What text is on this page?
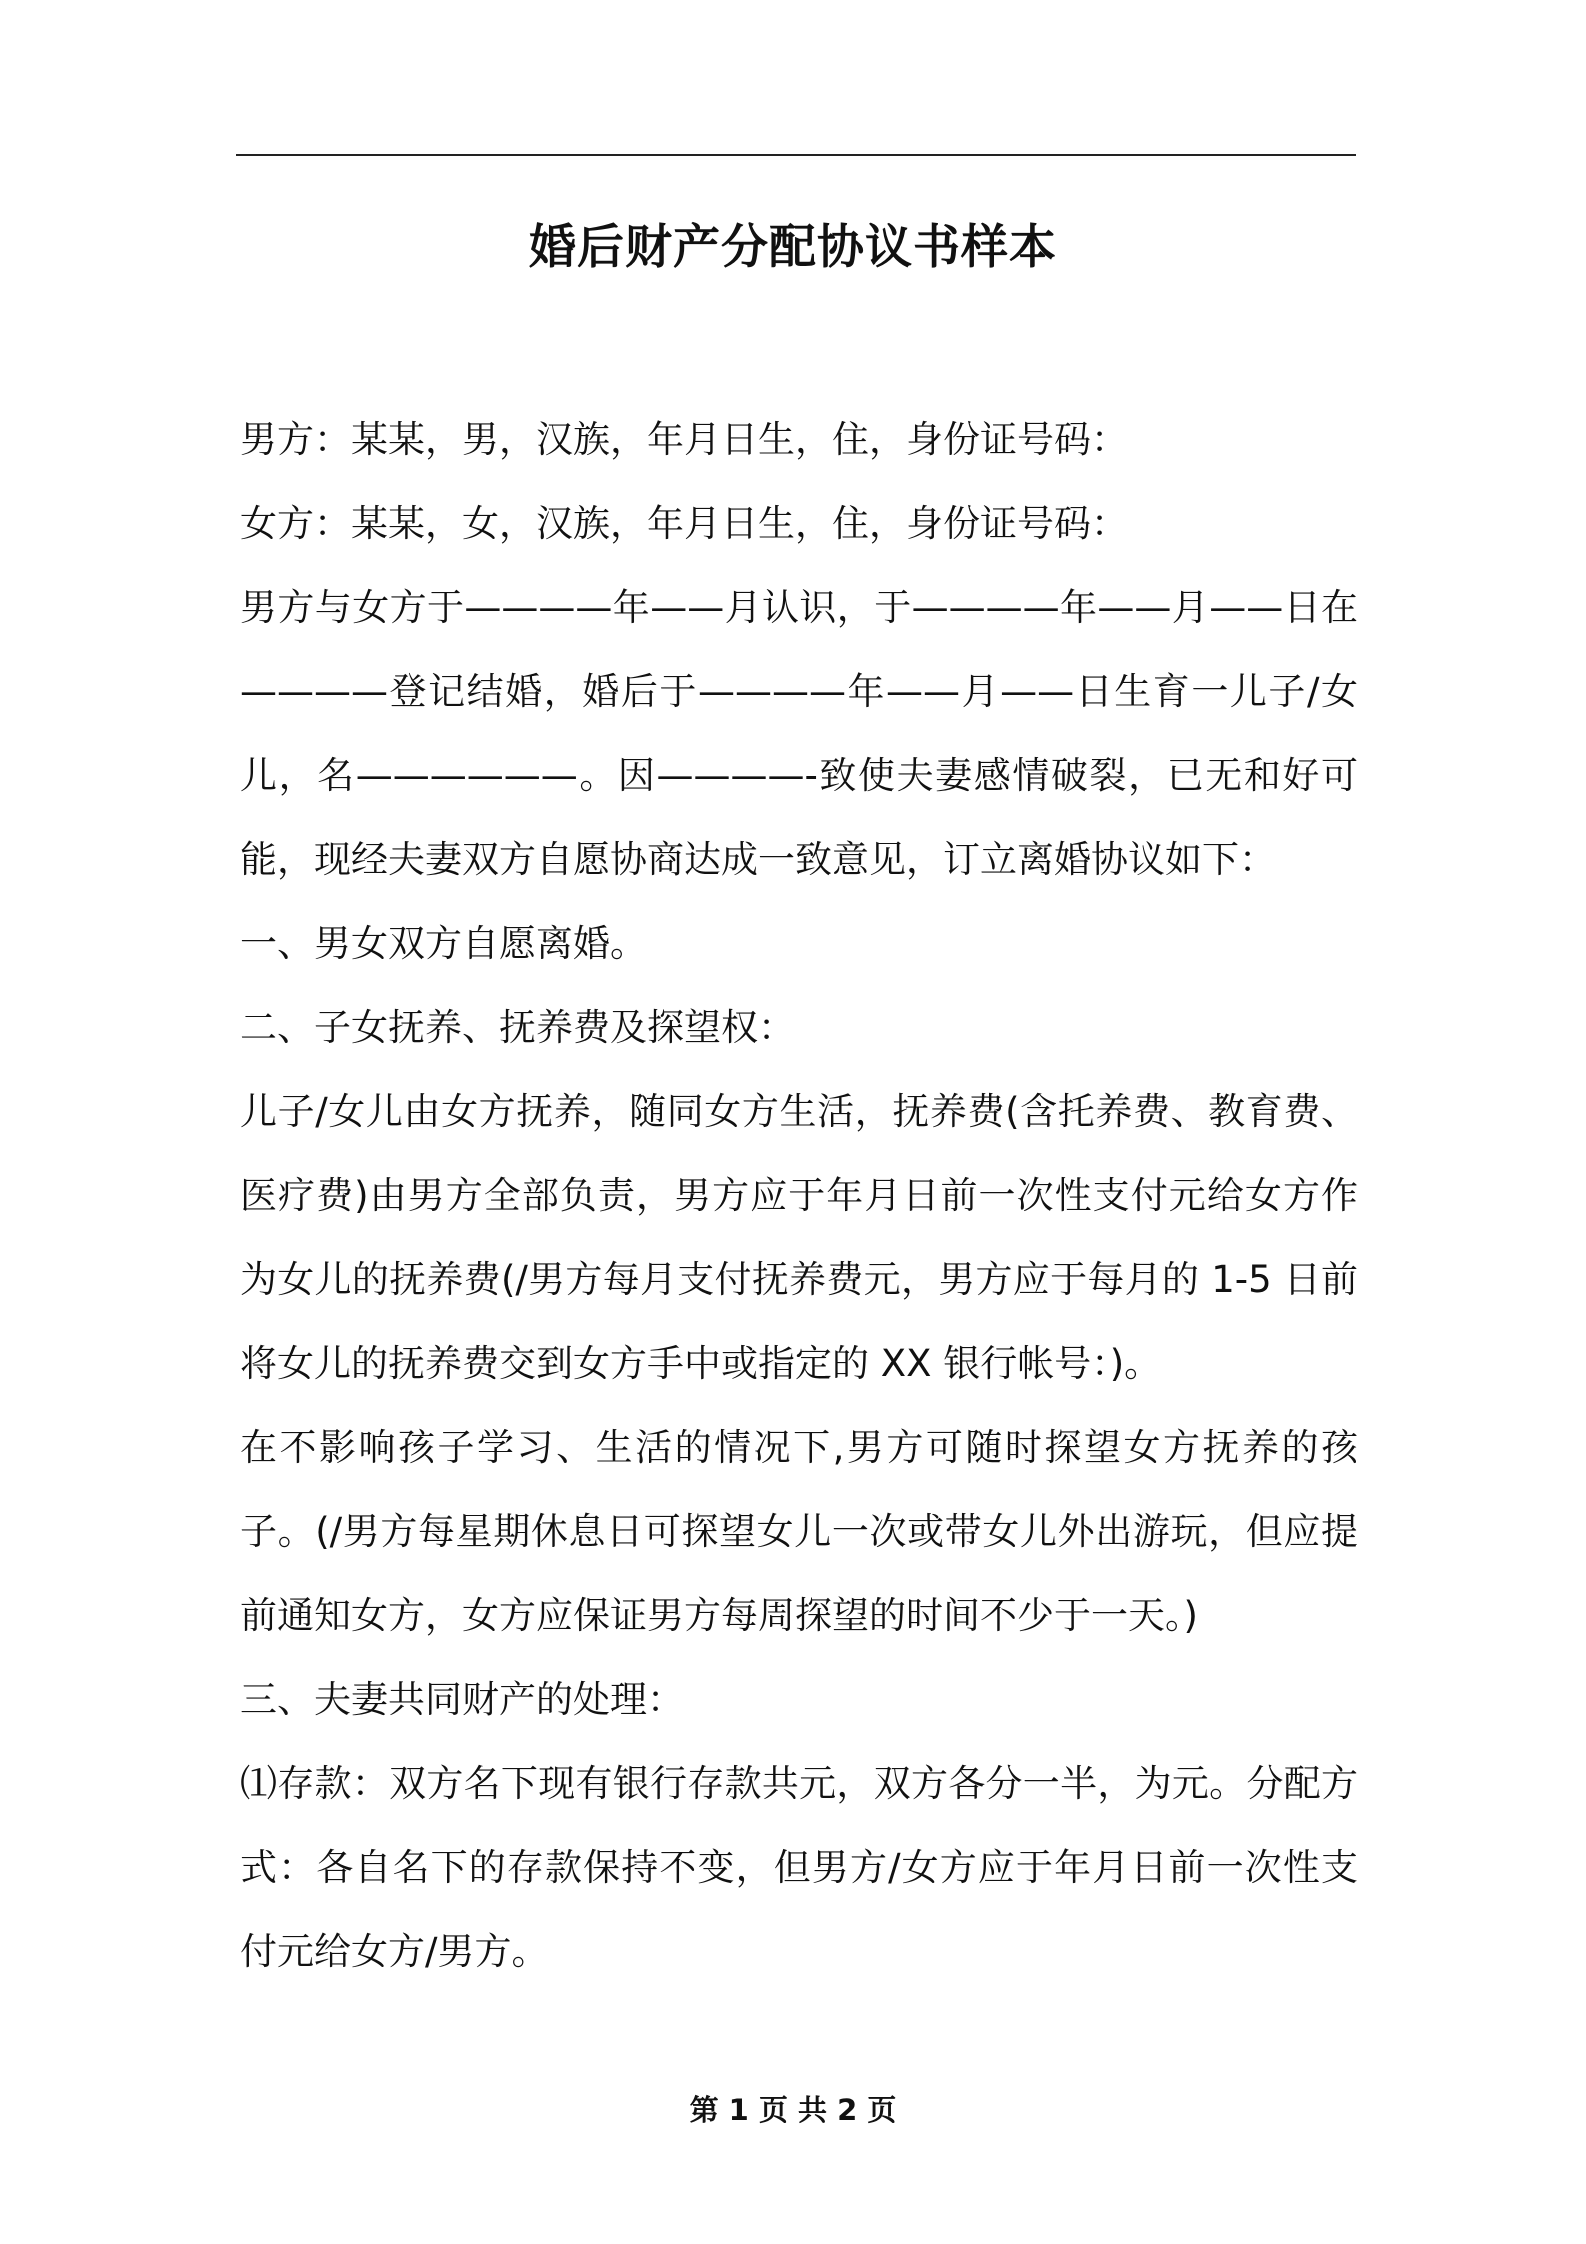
婚后财产分配协议书样本

男方：某某，男，汉族，年月日生，住，身份证号码：

女方：某某，女，汉族，年月日生，住，身份证号码：

男方与女方于————年——月认识，于————年——月——日在————登记结婚，婚后于————年——月——日生育一儿子/女儿，名——————。因————-致使夫妻感情破裂，已无和好可能，现经夫妻双方自愿协商达成一致意见，订立离婚协议如下：

一、男女双方自愿离婚。

二、子女抚养、抚养费及探望权：

儿子/女儿由女方抚养，随同女方生活，抚养费(含托养费、教育费、医疗费)由男方全部负责，男方应于年月日前一次性支付元给女方作为女儿的抚养费(/男方每月支付抚养费元，男方应于每月的 1-5 日前将女儿的抚养费交到女方手中或指定的 XX 银行帐号：)。

在不影响孩子学习、生活的情况下,男方可随时探望女方抚养的孩子。(/男方每星期休息日可探望女儿一次或带女儿外出游玩，但应提前通知女方，女方应保证男方每周探望的时间不少于一天。)

三、夫妻共同财产的处理：

⑴存款：双方名下现有银行存款共元，双方各分一半，为元。分配方式：各自名下的存款保持不变，但男方/女方应于年月日前一次性支付元给女方/男方。

第 1 页 共 2 页
